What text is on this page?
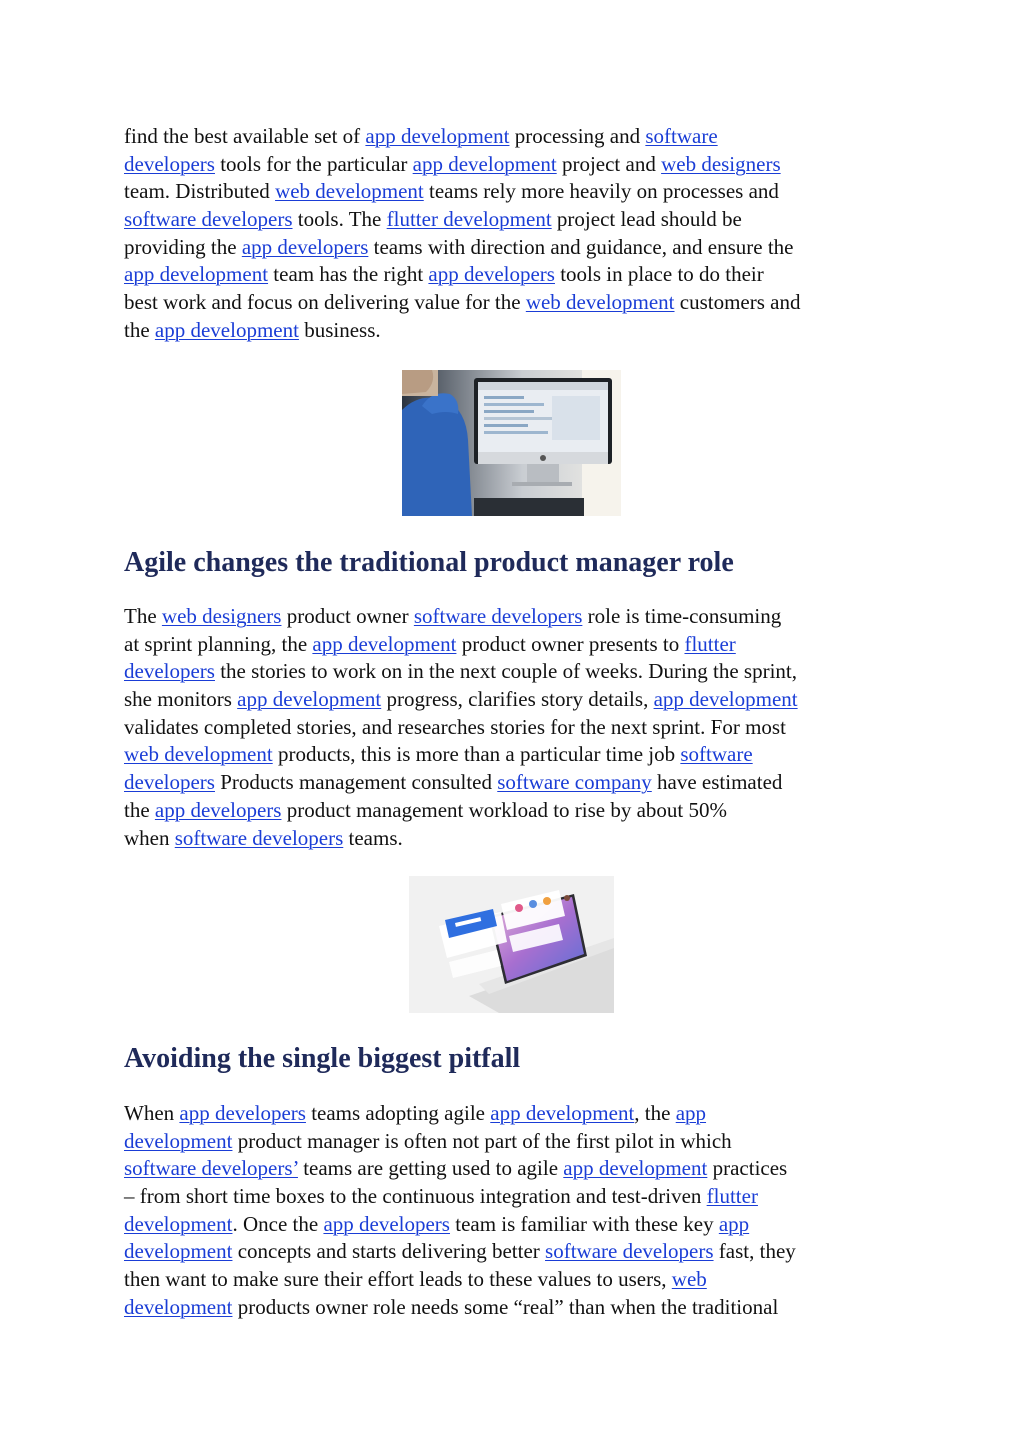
find the best available set of app development processing and software
developers tools for the particular app development project and web designers
team. Distributed web development teams rely more heavily on processes and
software developers tools. The flutter development project lead should be
providing the app developers teams with direction and guidance, and ensure the
app development team has the right app developers tools in place to do their
best work and focus on delivering value for the web development customers and
the app development business.
Agile changes the traditional product manager role
The web designers product owner software developers role is time-consuming
at sprint planning, the app development product owner presents to flutter
developers the stories to work on in the next couple of weeks. During the sprint,
she monitors app development progress, clarifies story details, app development
validates completed stories, and researches stories for the next sprint. For most
web development products, this is more than a particular time job software
developers Products management consulted software company have estimated
the app developers product management workload to rise by about 50%
when software developers teams.
Avoiding the single biggest pitfall
When app developers teams adopting agile app development, the app
development product manager is often not part of the first pilot in which
software developers’ teams are getting used to agile app development practices
– from short time boxes to the continuous integration and test-driven flutter
development. Once the app developers team is familiar with these key app
development concepts and starts delivering better software developers fast, they
then want to make sure their effort leads to these values to users, web
development products owner role needs some “real” than when the traditional
